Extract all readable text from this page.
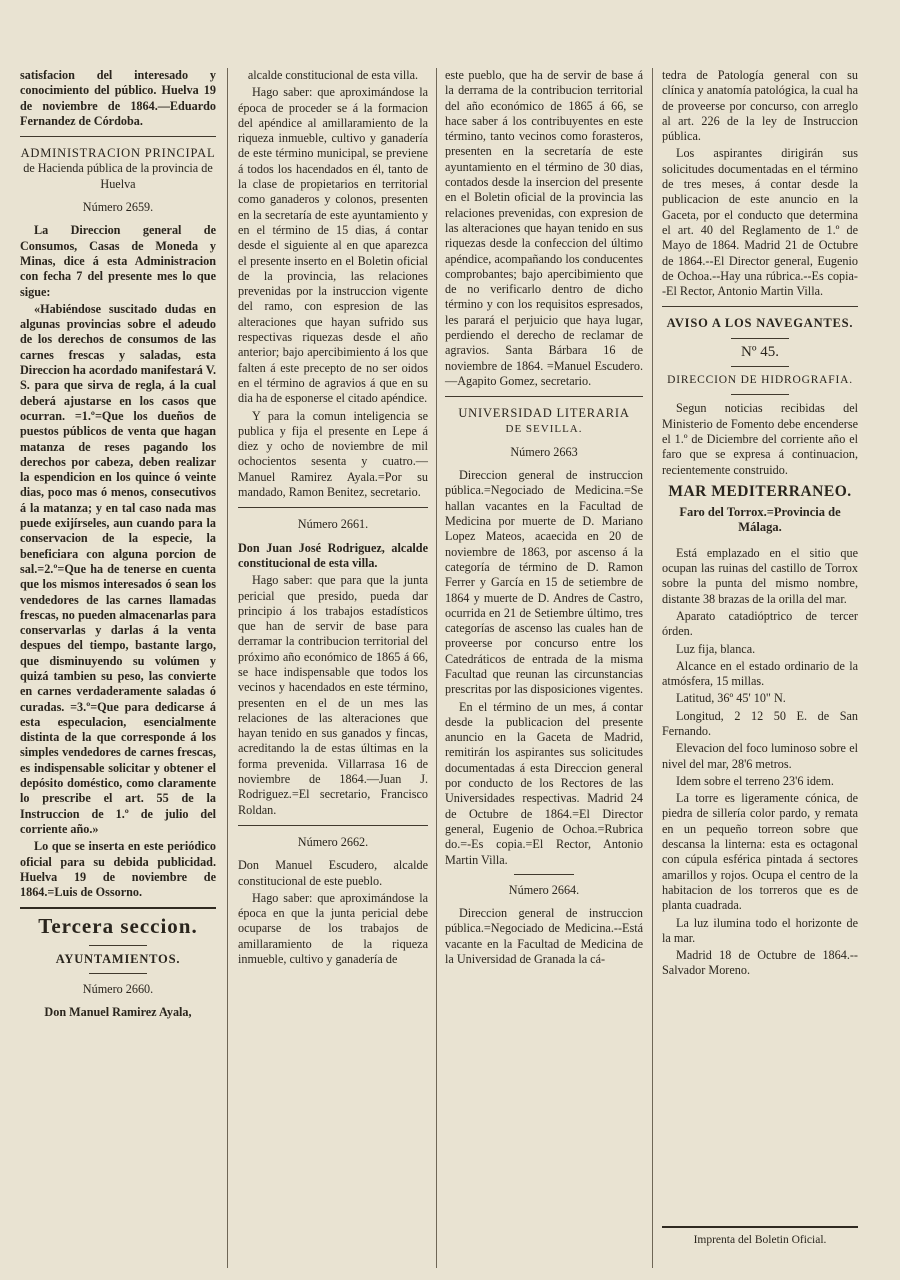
satisfacion del interesado y conocimiento del público. Huelva 19 de noviembre de 1864.—Eduardo Fernandez de Córdoba.

ADMINISTRACION PRINCIPAL
de Hacienda pública de la provincia de Huelva
Número 2659.

La Direccion general de Consumos, Casas de Moneda y Minas, dice á esta Administracion con fecha 7 del presente mes lo que sigue:

«Habiéndose suscitado dudas en algunas provincias sobre el adeudo de los derechos de consumos de las carnes frescas y saladas, esta Direccion ha acordado manifestará V. S. para que sirva de regla, á la cual deberá ajustarse en los casos que ocurran. =1.º=Que los dueños de puestos públicos de venta que hagan matanza de reses pagando los derechos por cabeza, deben realizar la espendicion en los quince ó veinte dias, poco mas ó menos, consecutivos á la matanza; y en tal caso nada mas puede exijírseles, aun cuando para la conservacion de la especie, la beneficiara con alguna porcion de sal.=2.º=Que ha de tenerse en cuenta que los mismos interesados ó sean los vendedores de las carnes llamadas frescas, no pueden almacenarlas para conservarlas y darlas á la venta despues del tiempo, bastante largo, que disminuyendo su volúmen y quizá tambien su peso, las convierte en carnes verdaderamente saladas ó curadas. =3.º=Que para dedicarse á esta especulacion, esencialmente distinta de la que corresponde á los simples vendedores de carnes frescas, es indispensable solicitar y obtener el depósito doméstico, como claramente lo prescribe el art. 55 de la Instruccion de 1.º de julio del corriente año.»

Lo que se inserta en este periódico oficial para su debida publicidad. Huelva 19 de noviembre de 1864.=Luis de Ossorno.

Tercera seccion.
AYUNTAMIENTOS.
Número 2660.

Don Manuel Ramirez Ayala,

alcalde constitucional de esta villa.

Hago saber: que aproximándose la época de proceder se á la formacion del apéndice al amillaramiento de la riqueza inmueble, cultivo y ganadería de este término municipal, se previene á todos los hacendados en él, tanto de la clase de propietarios en territorial como ganaderos y colonos, presenten en la secretaría de este ayuntamiento y en el término de 15 dias, á contar desde el siguiente al en que aparezca el presente inserto en el Boletin oficial de la provincia, las relaciones prevenidas por la instruccion vigente del ramo, con espresion de las alteraciones que hayan sufrido sus respectivas riquezas desde el año anterior; bajo apercibimiento á los que falten á este precepto de no ser oidos en el término de agravios á que en su dia ha de esponerse el citado apéndice.

Y para la comun inteligencia se publica y fija el presente en Lepe á diez y ocho de noviembre de mil ochocientos sesenta y cuatro.—Manuel Ramirez Ayala.=Por su mandado, Ramon Benitez, secretario.

Número 2661.

Don Juan José Rodriguez, alcalde constitucional de esta villa.

Hago saber: que para que la junta pericial que presido, pueda dar principio á los trabajos estadísticos que han de servir de base para derramar la contribucion territorial del próximo año económico de 1865 á 66, se hace indispensable que todos los vecinos y hacendados en este término, presenten en el de un mes las relaciones de las alteraciones que hayan tenido en sus ganados y fincas, acreditando la de estas últimas en la forma prevenida. Villarrasa 16 de noviembre de 1864.—Juan J. Rodriguez.=El secretario, Francisco Roldan.

Número 2662.

Don Manuel Escudero, alcalde constitucional de este pueblo.

Hago saber: que aproximándose la época en que la junta pericial debe ocuparse de los trabajos de amillaramiento de la riqueza inmueble, cultivo y ganadería de

este pueblo, que ha de servir de base á la derrama de la contribucion territorial del año económico de 1865 á 66, se hace saber á los contribuyentes en este término, tanto vecinos como forasteros, presenten en la secretaría de este ayuntamiento en el término de 30 dias, contados desde la insercion del presente en el Boletin oficial de la provincia las relaciones prevenidas, con expresion de las alteraciones que hayan tenido en sus riquezas desde la confeccion del último apéndice, acompañando los conducentes comprobantes; bajo apercibimiento que de no verificarlo dentro de dicho término y con los requisitos espresados, les parará el perjuicio que haya lugar, perdiendo el derecho de reclamar de agravios. Santa Bárbara 16 de noviembre de 1864. =Manuel Escudero.—Agapito Gomez, secretario.

UNIVERSIDAD LITERARIA
DE SEVILLA.
Número 2663

Direccion general de instruccion pública.=Negociado de Medicina.=Se hallan vacantes en la Facultad de Medicina por muerte de D. Mariano Lopez Mateos, acaecida en 20 de noviembre de 1863, por ascenso á la categoría de término de D. Ramon Ferrer y García en 15 de setiembre de 1864 y muerte de D. Andres de Castro, ocurrida en 21 de Setiembre último, tres categorías de ascenso las cuales han de proveerse por concurso entre los Catedráticos de entrada de la misma Facultad que reunan las circunstancias prescritas por las disposiciones vigentes.

En el término de un mes, á contar desde la publicacion del presente anuncio en la Gaceta de Madrid, remitirán los aspirantes sus solicitudes documentadas á esta Direccion general por conducto de los Rectores de las Universidades respectivas. Madrid 24 de Octubre de 1864.=El Director general, Eugenio de Ochoa.=Rubrica do.=-Es copia.=El Rector, Antonio Martin Villa.

Número 2664.

Direccion general de instruccion pública.=Negociado de Medicina.--Está vacante en la Facultad de Medicina de la Universidad de Granada la cá-

tedra de Patología general con su clínica y anatomía patológica, la cual ha de proveerse por concurso, con arreglo al art. 226 de la ley de Instruccion pública.

Los aspirantes dirigirán sus solicitudes documentadas en el término de tres meses, á contar desde la publicacion de este anuncio en la Gaceta, por el conducto que determina el art. 40 del Reglamento de 1.º de Mayo de 1864. Madrid 21 de Octubre de 1864.--El Director general, Eugenio de Ochoa.--Hay una rúbrica.--Es copia--El Rector, Antonio Martin Villa.

AVISO A LOS NAVEGANTES.
Nº 45.
DIRECCION DE HIDROGRAFIA.

Segun noticias recibidas del Ministerio de Fomento debe encenderse el 1.º de Diciembre del corriente año el faro que se expresa á continuacion, recientemente construido.

MAR MEDITERRANEO.
Faro del Torrox.=Provincia de Málaga.

Está emplazado en el sitio que ocupan las ruinas del castillo de Torrox sobre la punta del mismo nombre, distante 38 brazas de la orilla del mar.

Aparato catadióptrico de tercer órden.

Luz fija, blanca.

Alcance en el estado ordinario de la atmósfera, 15 millas.

Latitud, 36º 45' 10" N.

Longitud, 2 12 50 E. de San Fernando.

Elevacion del foco luminoso sobre el nivel del mar, 28'6 metros.

Idem sobre el terreno 23'6 idem.

La torre es ligeramente cónica, de piedra de sillería color pardo, y remata en un pequeño torreon sobre que descansa la linterna: esta es octagonal con cúpula esférica pintada á sectores amarillos y rojos. Ocupa el centro de la habitacion de los torreros que es de planta cuadrada.

La luz ilumina todo el horizonte de la mar.

Madrid 18 de Octubre de 1864.--Salvador Moreno.

Imprenta del Boletin Oficial.
